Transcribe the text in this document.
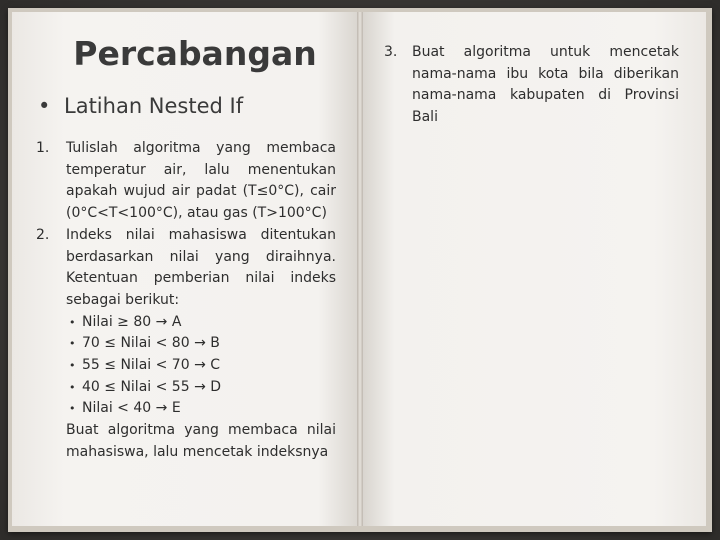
Percabangan
• Latihan Nested If
1. Tulislah algoritma yang membaca temperatur air, lalu menentukan apakah wujud air padat (T≤0°C), cair (0°C<T<100°C), atau gas (T>100°C)
2. Indeks nilai mahasiswa ditentukan berdasarkan nilai yang diraihnya. Ketentuan pemberian nilai indeks sebagai berikut:
• Nilai ≥ 80 → A
• 70 ≤ Nilai < 80 → B
• 55 ≤ Nilai < 70 → C
• 40 ≤ Nilai < 55 → D
• Nilai < 40 → E
Buat algoritma yang membaca nilai mahasiswa, lalu mencetak indeksnya
3. Buat algoritma untuk mencetak nama-nama ibu kota bila diberikan nama-nama kabupaten di Provinsi Bali
